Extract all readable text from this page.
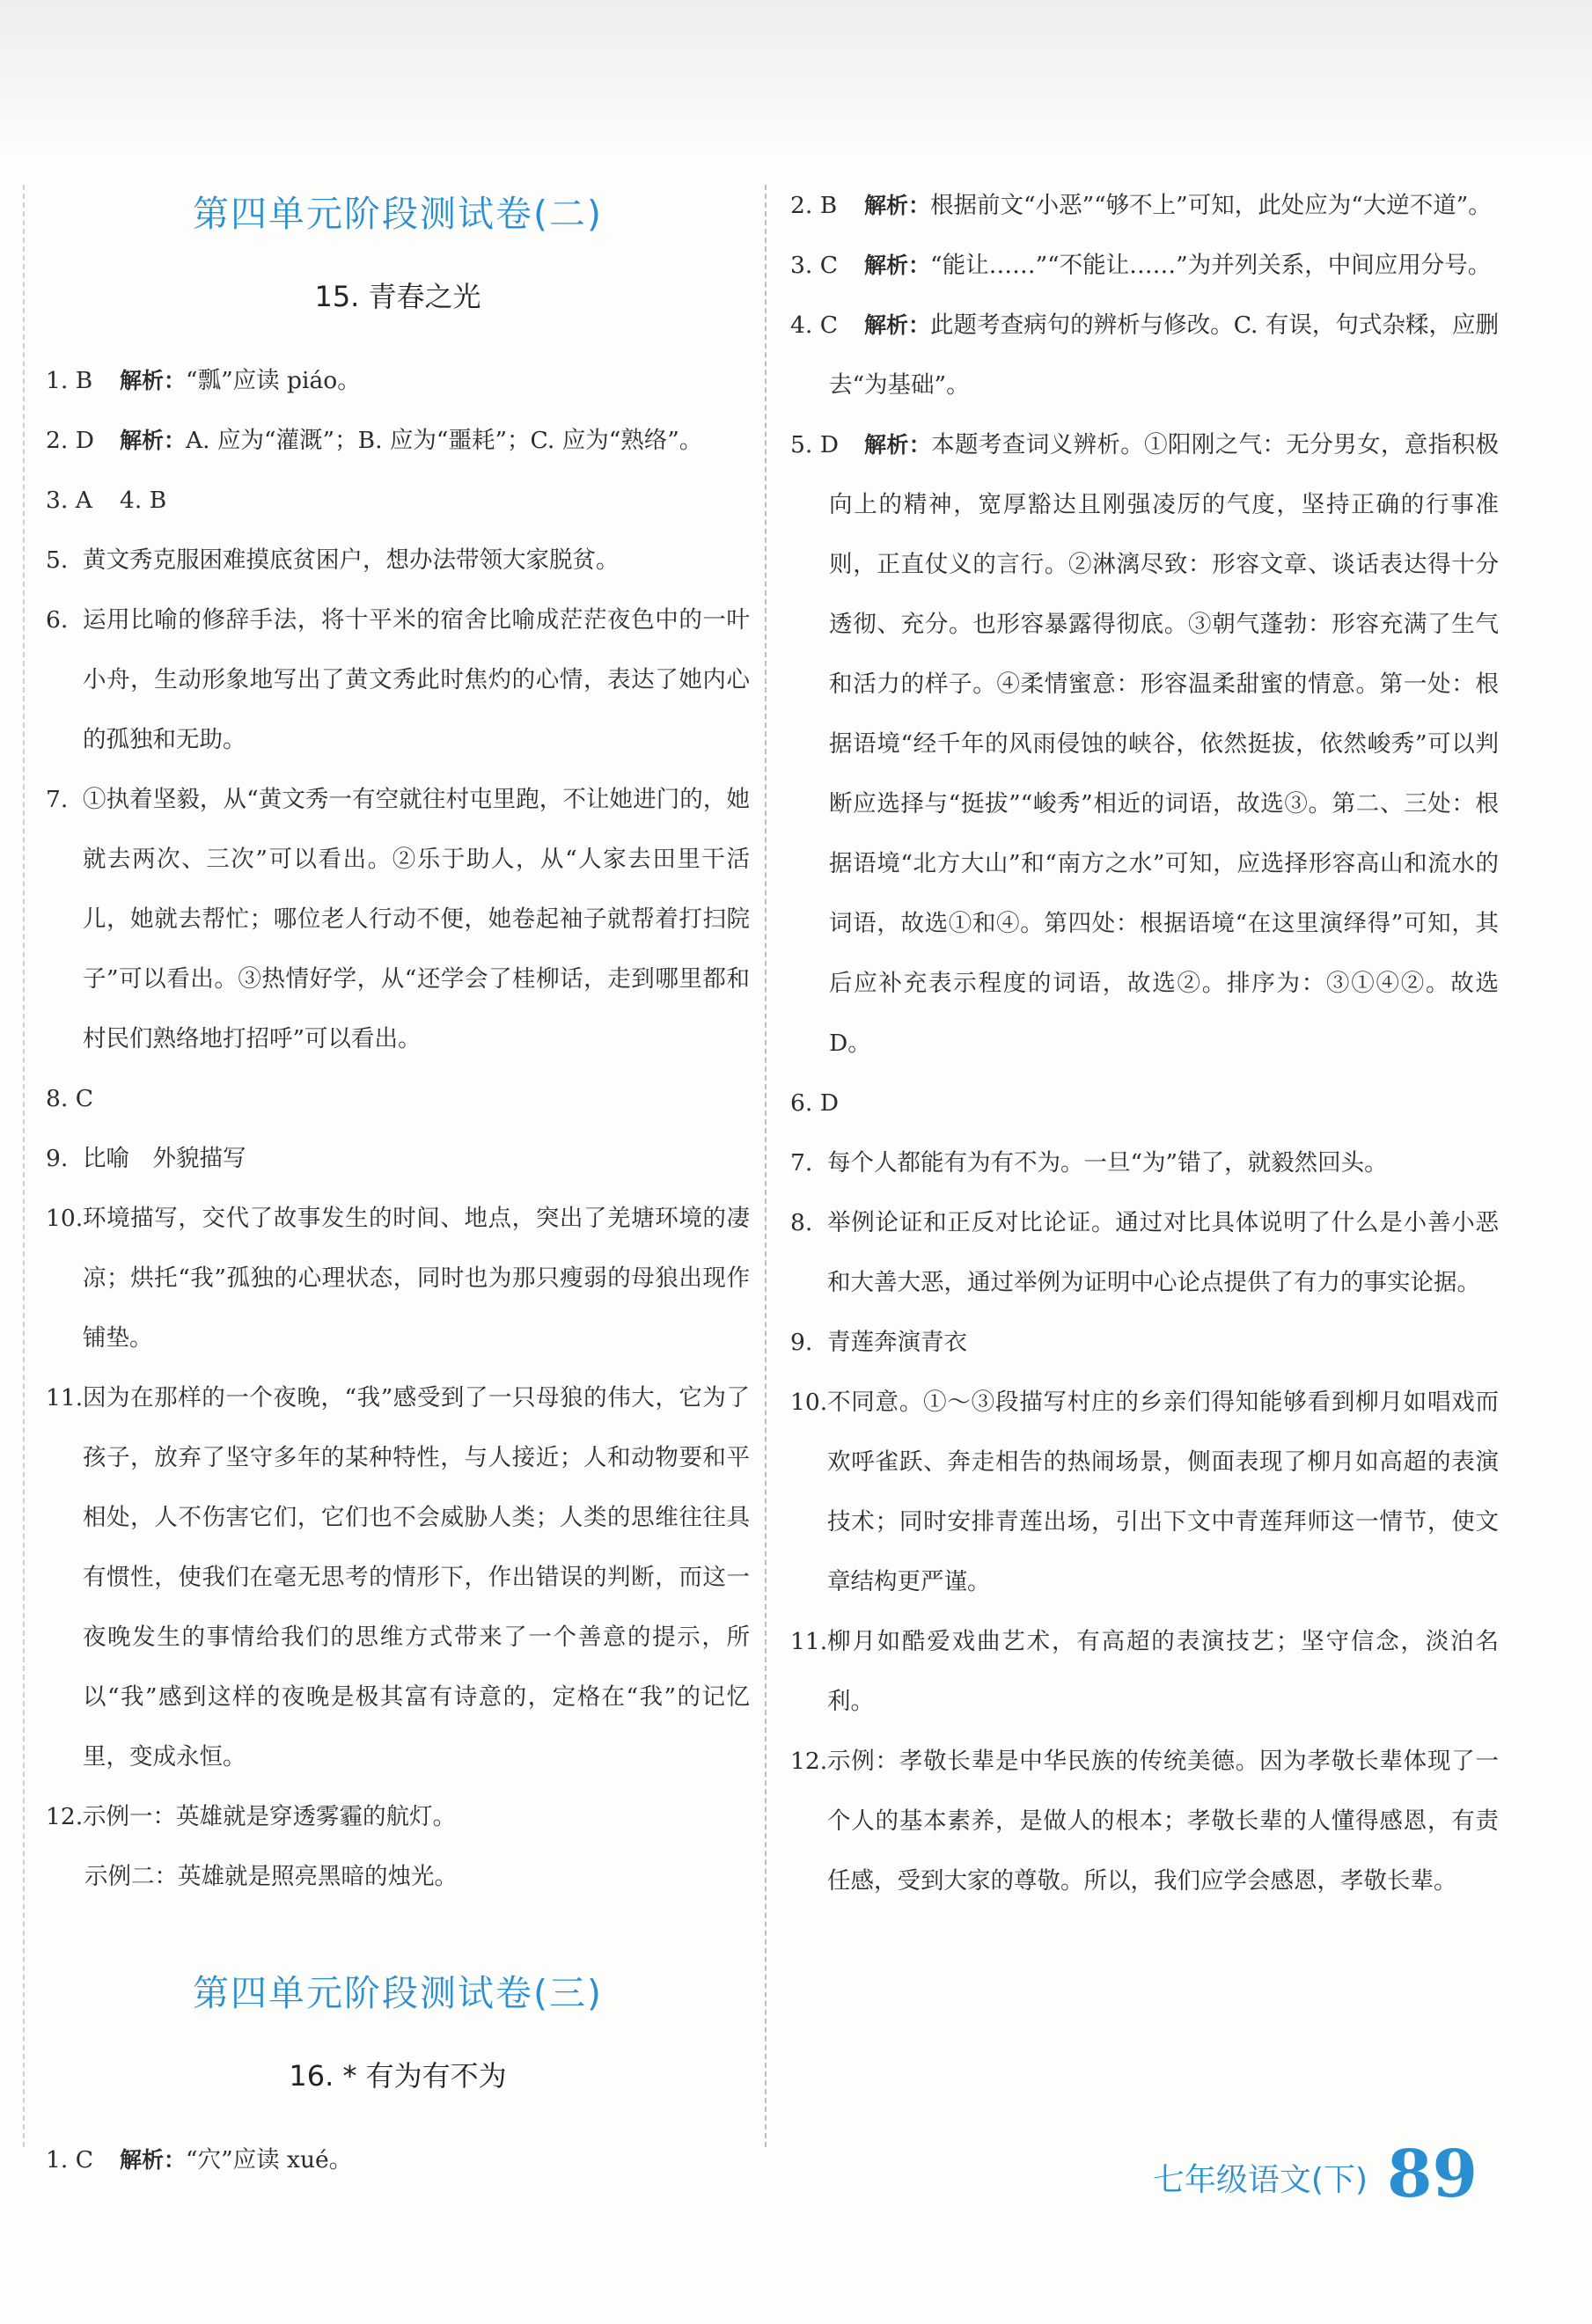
第四单元阶段测试卷(二)
15. 青春之光
1. B 解析：“瓢”应读 piáo。
2. D 解析：A. 应为“灌溉”；B. 应为“噩耗”；C. 应为“熟络”。
3. A 4. B
5. 黄文秀克服困难摸底贫困户，想办法带领大家脱贫。
6. 运用比喻的修辞手法，将十平米的宿舍比喻成茫茫夜色中的一叶小舟，生动形象地写出了黄文秀此时焦灼的心情，表达了她内心的孤独和无助。
7. ①执着坚毅，从“黄文秀一有空就往村屯里跑，不让她进门的，她就去两次、三次”可以看出。②乐于助人，从“人家去田里干活儿，她就去帮忙；哪位老人行动不便，她卷起袖子就帮着打扫院子”可以看出。③热情好学，从“还学会了桂柳话，走到哪里都和村民们熟络地打招呼”可以看出。
8. C
9. 比喻　外貌描写
10. 环境描写，交代了故事发生的时间、地点，突出了羌塘环境的凄凉；烘托“我”孤独的心理状态，同时也为那只瘦弱的母狼出现作铺垫。
11. 因为在那样的一个夜晚，“我”感受到了一只母狼的伟大，它为了孩子，放弃了坚守多年的某种特性，与人接近；人和动物要和平相处，人不伤害它们，它们也不会威胁人类；人类的思维往往具有惯性，使我们在毫无思考的情形下，作出错误的判断，而这一夜晚发生的事情给我们的思维方式带来了一个善意的提示，所以“我”感到这样的夜晚是极其富有诗意的，定格在“我”的记忆里，变成永恒。
12. 示例一：英雄就是穿透雾霾的航灯。
示例二：英雄就是照亮黑暗的烛光。
第四单元阶段测试卷(三)
16. * 有为有不为
1. C 解析：“穴”应读 xué。
2. B 解析：根据前文“小恶”“够不上”可知，此处应为“大逆不道”。
3. C 解析：“能让……”“不能让……”为并列关系，中间应用分号。
4. C 解析：此题考查病句的辨析与修改。C. 有误，句式杂糅，应删去“为基础”。
5. D 解析：本题考查词义辨析。①阳刚之气：无分男女，意指积极向上的精神，宽厚豁达且刚强凌厉的气度，坚持正确的行事准则，正直仗义的言行。②淋漓尽致：形容文章、谈话表达得十分透彻、充分。也形容暴露得彻底。③朝气蓬勃：形容充满了生气和活力的样子。④柔情蜜意：形容温柔甜蜜的情意。第一处：根据语境“经千年的风雨侵蚀的峡谷，依然挺拔，依然峻秀”可以判断应选择与“挺拔”“峻秀”相近的词语，故选③。第二、三处：根据语境“北方大山”和“南方之水”可知，应选择形容高山和流水的词语，故选①和④。第四处：根据语境“在这里演绎得”可知，其后应补充表示程度的词语，故选②。排序为：③①④②。故选 D。
6. D
7. 每个人都能有为有不为。一旦“为”错了，就毅然回头。
8. 举例论证和正反对比论证。通过对比具体说明了什么是小善小恶和大善大恶，通过举例为证明中心论点提供了有力的事实论据。
9. 青莲奔演青衣
10. 不同意。①～③段描写村庄的乡亲们得知能够看到柳月如唱戏而欢呼雀跃、奔走相告的热闹场景，侧面表现了柳月如高超的表演技术；同时安排青莲出场，引出下文中青莲拜师这一情节，使文章结构更严谨。
11. 柳月如酷爱戏曲艺术，有高超的表演技艺；坚守信念，淡泊名利。
12. 示例：孝敬长辈是中华民族的传统美德。因为孝敬长辈体现了一个人的基本素养，是做人的根本；孝敬长辈的人懂得感恩，有责任感，受到大家的尊敬。所以，我们应学会感恩，孝敬长辈。
七年级语文(下) 89
